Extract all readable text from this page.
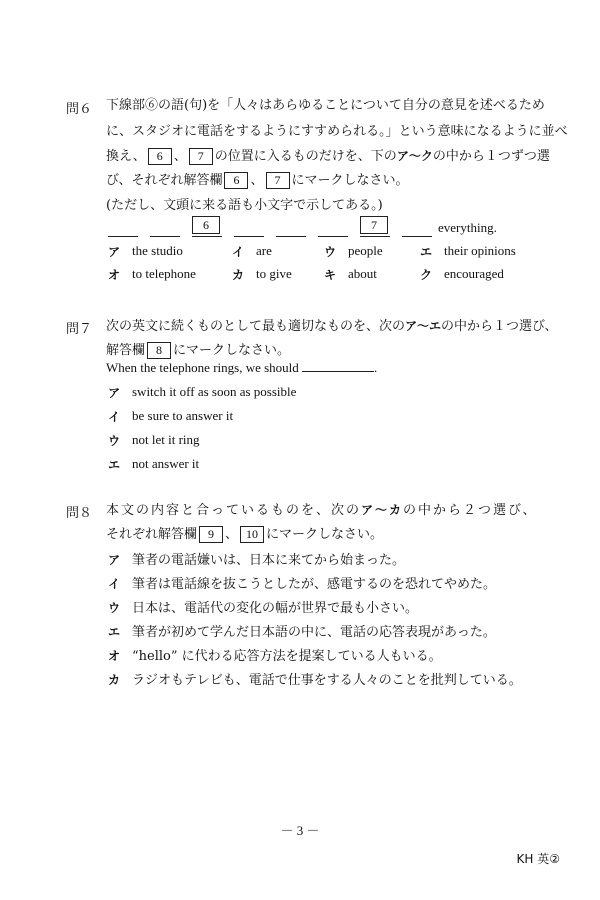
問６ 下線部⑥の語(句)を「人々はあらゆることについて自分の意見を述べるため
に、スタジオに電話をするようにすすめられる。」という意味になるように並べ
換え、 6 、 7 の位置に入るものだけを、下のア～クの中から１つずつ選
び、それぞれ解答欄 6 、 7 にマークしなさい。
(ただし、文頭に来る語も小文字で示してある。)
6	7	everything.
ア the studio	イ are	ウ people	エ their opinions
オ to telephone	カ to give	キ about	ク encouraged
問７ 次の英文に続くものとして最も適切なものを、次のア～エの中から１つ選び、
解答欄 8 にマークしなさい。
When the telephone rings, we should	.
ア switch it off as soon as possible
イ be sure to answer it
ウ not let it ring
エ not answer it
問８ 本文の内容と合っているものを、次のア～カの中から２つ選び、
それぞれ解答欄 9 、 10 にマークしなさい。
ア 筆者の電話嫌いは、日本に来てから始まった。
イ 筆者は電話線を抜こうとしたが、感電するのを恐れてやめた。
ウ 日本は、電話代の変化の幅が世界で最も小さい。
エ 筆者が初めて学んだ日本語の中に、電話の応答表現があった。
オ “hello” に代わる応答方法を提案している人もいる。
カ ラジオもテレビも、電話で仕事をする人々のことを批判している。
－ 3 －
KH 英②
